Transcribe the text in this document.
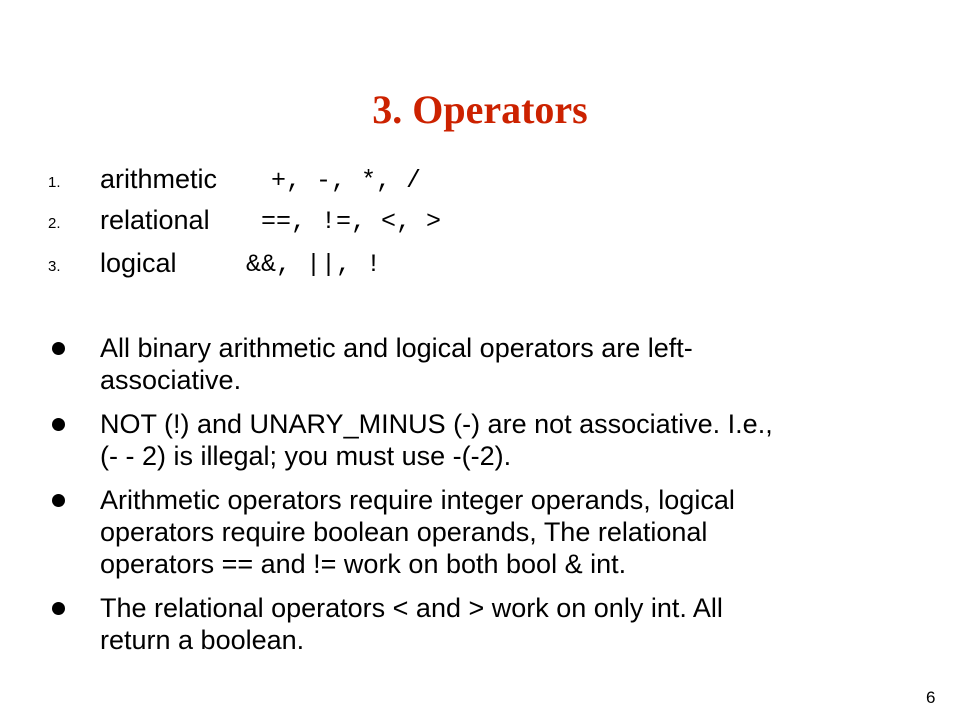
3. Operators
1. arithmetic +, -, *, /
2. relational ==, !=, <, >
3. logical	&&, ||, !
All binary arithmetic and logical operators are left-
associative.
NOT (!) and UNARY_MINUS (-) are not associative. I.e.,
(- - 2) is illegal; you must use -(-2).
Arithmetic operators require integer operands, logical
operators require boolean operands, The relational
operators == and != work on both bool & int.
The relational operators < and > work on only int. All
return a boolean.
6
